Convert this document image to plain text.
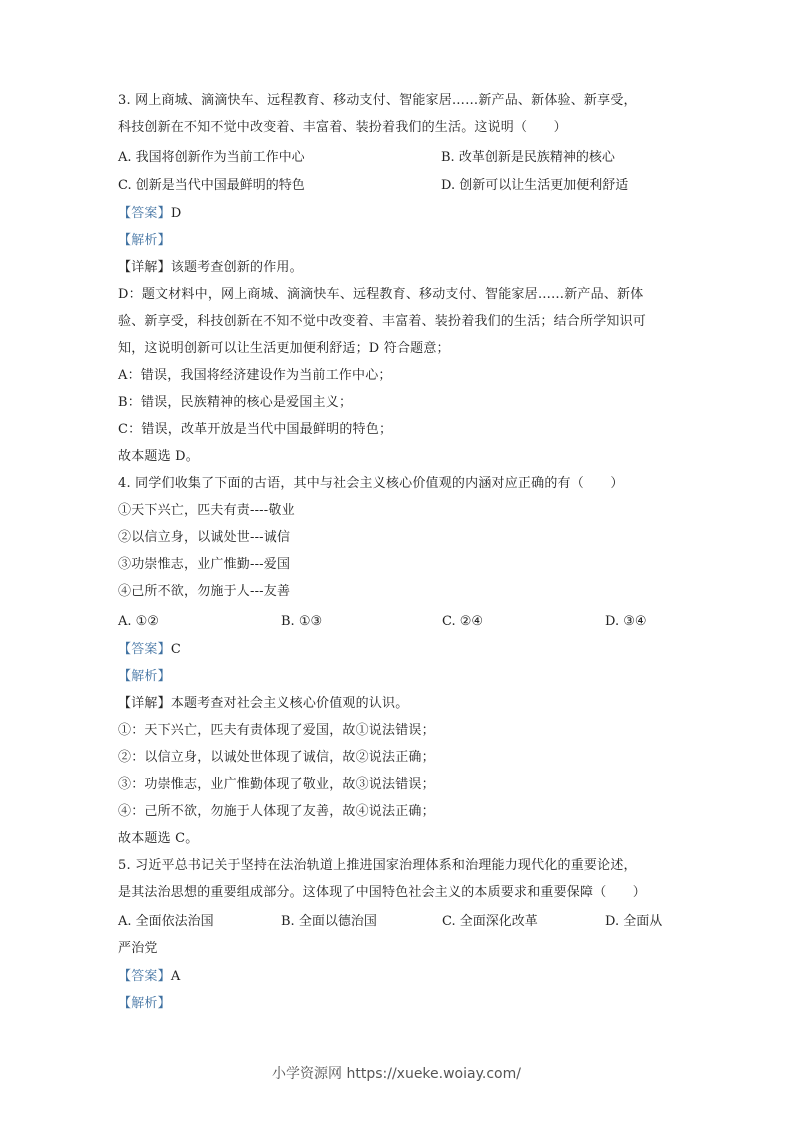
3. 网上商城、滴滴快车、远程教育、移动支付、智能家居……新产品、新体验、新享受，
科技创新在不知不觉中改变着、丰富着、装扮着我们的生活。这说明（　　）
A. 我国将创新作为当前工作中心	B. 改革创新是民族精神的核心
C. 创新是当代中国最鲜明的特色	D. 创新可以让生活更加便利舒适
【答案】D
【解析】
【详解】该题考查创新的作用。
D：题文材料中，网上商城、滴滴快车、远程教育、移动支付、智能家居……新产品、新体
验、新享受，科技创新在不知不觉中改变着、丰富着、装扮着我们的生活；结合所学知识可
知，这说明创新可以让生活更加便利舒适；D 符合题意；
A：错误，我国将经济建设作为当前工作中心；
B：错误，民族精神的核心是爱国主义；
C：错误，改革开放是当代中国最鲜明的特色；
故本题选 D。
4. 同学们收集了下面的古语，其中与社会主义核心价值观的内涵对应正确的有（　　）
①天下兴亡，匹夫有责----敬业
②以信立身，以诚处世---诚信
③功崇惟志，业广惟勤---爱国
④己所不欲，勿施于人---友善
A. ①②	B. ①③	C. ②④	D. ③④
【答案】C
【解析】
【详解】本题考查对社会主义核心价值观的认识。
①：天下兴亡，匹夫有责体现了爱国，故①说法错误；
②：以信立身，以诚处世体现了诚信，故②说法正确；
③：功崇惟志，业广惟勤体现了敬业，故③说法错误；
④：己所不欲，勿施于人体现了友善，故④说法正确；
故本题选 C。
5. 习近平总书记关于坚持在法治轨道上推进国家治理体系和治理能力现代化的重要论述，
是其法治思想的重要组成部分。这体现了中国特色社会主义的本质要求和重要保障（　　）
A. 全面依法治国	B. 全面以德治国	C. 全面深化改革	D. 全面从
严治党
【答案】A
【解析】
小学资源网 https://xueke.woiay.com/
